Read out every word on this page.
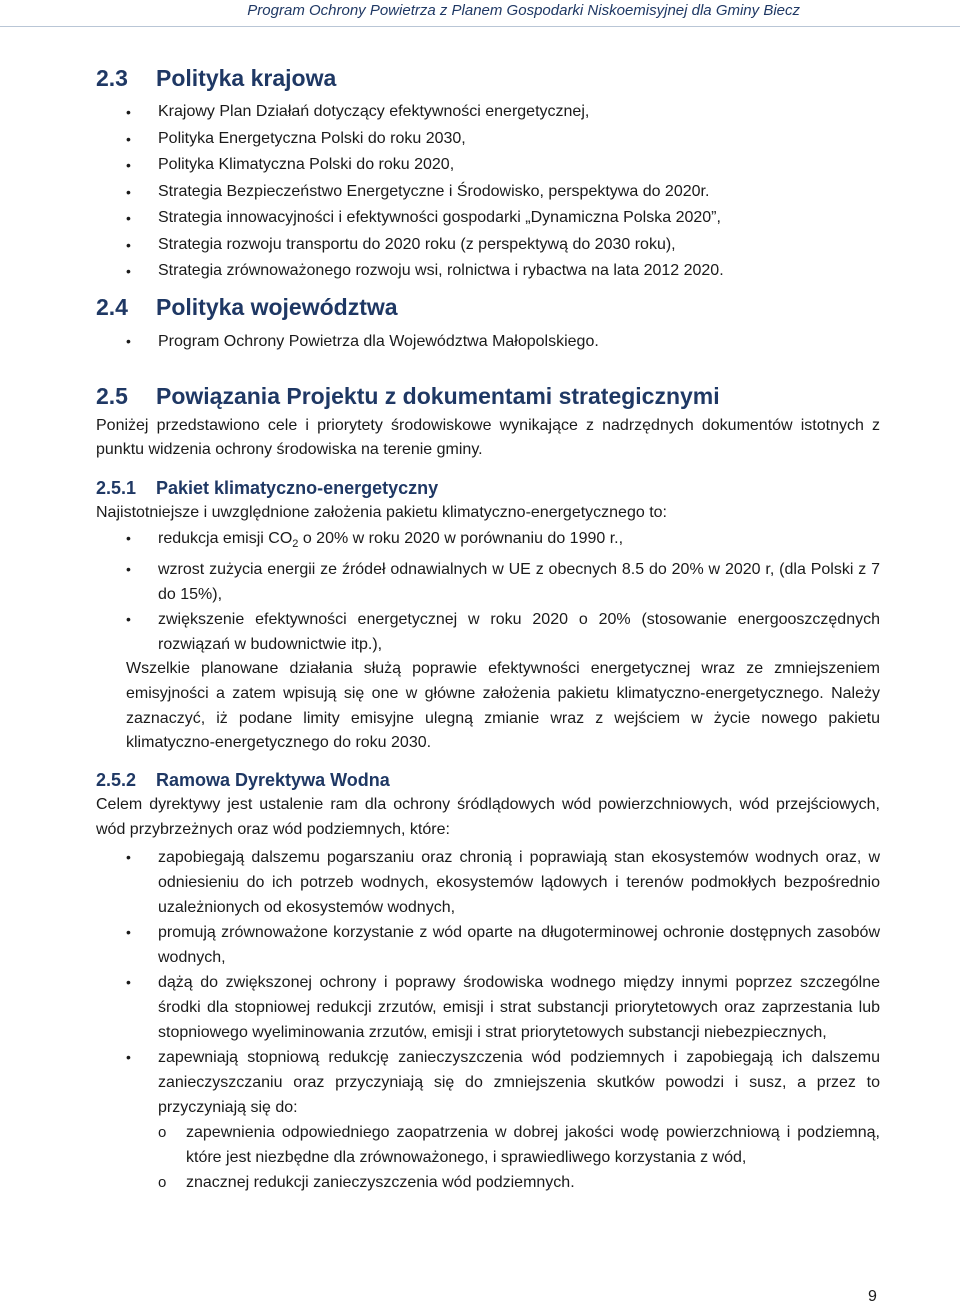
Program Ochrony Powietrza z Planem Gospodarki Niskoemisyjnej dla Gminy Biecz
2.3	Polityka krajowa
• Krajowy Plan Działań dotyczący efektywności energetycznej,
• Polityka Energetyczna Polski do roku 2030,
• Polityka Klimatyczna Polski do roku 2020,
• Strategia Bezpieczeństwo Energetyczne i Środowisko, perspektywa do 2020r.
• Strategia innowacyjności i efektywności gospodarki „Dynamiczna Polska 2020”,
• Strategia rozwoju transportu do 2020 roku (z perspektywą do 2030 roku),
• Strategia zrównoważonego rozwoju wsi, rolnictwa i rybactwa na lata 2012 2020.
2.4	Polityka województwa
• Program Ochrony Powietrza dla Województwa Małopolskiego.
2.5	Powiązania Projektu z dokumentami strategicznymi

Poniżej przedstawiono cele i priorytety środowiskowe wynikające z nadrzędnych dokumentów istotnych z punktu widzenia ochrony środowiska na terenie gminy.

2.5.1	Pakiet klimatyczno-energetyczny

Najistotniejsze i uwzględnione założenia pakietu klimatyczno-energetycznego to:

• redukcja emisji $CO_2$ o 20% w roku 2020 w porównaniu do 1990 r.,
• wzrost zużycia energii ze źródeł odnawialnych w UE z obecnych 8.5 do 20% w 2020 r, (dla Polski z 7 do 15%),
• zwiększenie efektywności energetycznej w roku 2020 o 20% (stosowanie energooszczędnych rozwiązań w budownictwie itp.),

Wszelkie planowane działania służą poprawie efektywności energetycznej wraz ze zmniejszeniem emisyjności a zatem wpisują się one w główne założenia pakietu klimatyczno-energetycznego. Należy zaznaczyć, iż podane limity emisyjne ulegną zmianie wraz z wejściem w życie nowego pakietu klimatyczno-energetycznego do roku 2030.

2.5.2	Ramowa Dyrektywa Wodna

Celem dyrektywy jest ustalenie ram dla ochrony śródlądowych wód powierzchniowych, wód przejściowych, wód przybrzeżnych oraz wód podziemnych, które:

• zapobiegają dalszemu pogarszaniu oraz chronią i poprawiają stan ekosystemów wodnych oraz, w odniesieniu do ich potrzeb wodnych, ekosystemów lądowych i terenów podmokłych bezpośrednio uzależnionych od ekosystemów wodnych,
• promują zrównoważone korzystanie z wód oparte na długoterminowej ochronie dostępnych zasobów wodnych,
• dążą do zwiększonej ochrony i poprawy środowiska wodnego między innymi poprzez szczególne środki dla stopniowej redukcji zrzutów, emisji i strat substancji priorytetowych oraz zaprzestania lub stopniowego wyeliminowania zrzutów, emisji i strat priorytetowych substancji niebezpiecznych,
• zapewniają stopniową redukcję zanieczyszczenia wód podziemnych i zapobiegają ich dalszemu zanieczyszczaniu oraz przyczyniają się do zmniejszenia skutków powodzi i susz, a przez to przyczyniają się do:
o zapewnienia odpowiedniego zaopatrzenia w dobrej jakości wodę powierzchniową i podziemną, które jest niezbędne dla zrównoważonego, i sprawiedliwego korzystania z wód,
o znacznej redukcji zanieczyszczenia wód podziemnych.
9
